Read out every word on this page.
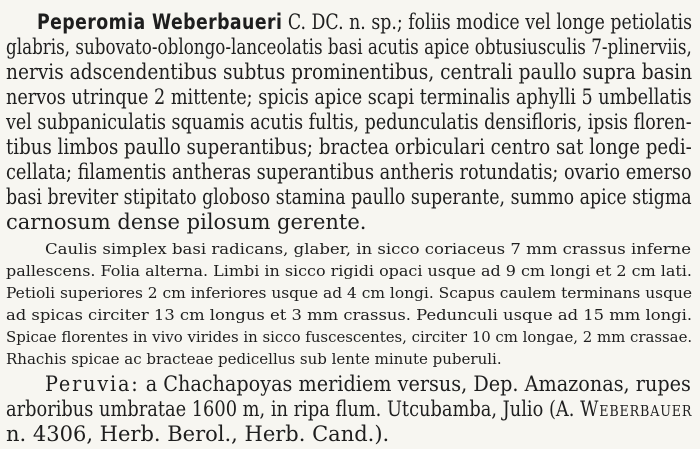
Peperomia Weberbaueri C. DC. n. sp.; foliis modice vel longe petiolatis
glabris, subovato-oblongo-lanceolatis basi acutis apice obtusiusculis 7-plinerviis,
nervis adscendentibus subtus prominentibus, centrali paullo supra basin
nervos utrinque 2 mittente; spicis apice scapi terminalis aphylli 5 umbellatis
vel subpaniculatis squamis acutis fultis, pedunculatis densifloris, ipsis floren-
tibus limbos paullo superantibus; bractea orbiculari centro sat longe pedi-
cellata; filamentis antheras superantibus antheris rotundatis; ovario emerso
basi breviter stipitato globoso stamina paullo superante, summo apice stigma
carnosum dense pilosum gerente.
Caulis simplex basi radicans, glaber, in sicco coriaceus 7 mm crassus inferne
pallescens. Folia alterna. Limbi in sicco rigidi opaci usque ad 9 cm longi et 2 cm lati.
Petioli superiores 2 cm inferiores usque ad 4 cm longi. Scapus caulem terminans usque
ad spicas circiter 13 cm longus et 3 mm crassus. Pedunculi usque ad 15 mm longi.
Spicae florentes in vivo virides in sicco fuscescentes, circiter 10 cm longae, 2 mm crassae.
Rhachis spicae ac bracteae pedicellus sub lente minute puberuli.
Peruvia: a Chachapoyas meridiem versus, Dep. Amazonas, rupes
arboribus umbratae 1600 m, in ripa flum. Utcubamba, Julio (A. Weberbauer
n. 4306, Herb. Berol., Herb. Cand.).
